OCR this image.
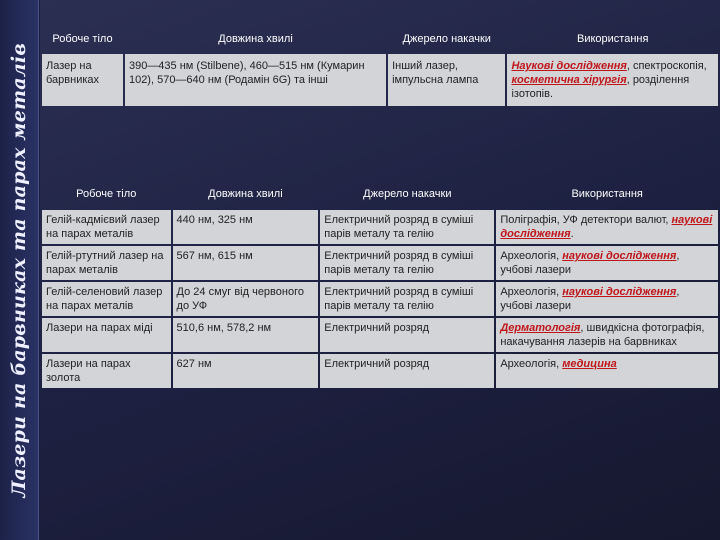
Лазери на барвниках та парах металів
Робоче тіло	Довжина хвилі	Джерело накачки	Використання
Лазер на барвниках	390—435 нм (Stilbene), 460—515 нм (Кумарин 102), 570—640 нм (Родамін 6G) та інші	Інший лазер, імпульсна лампа	Наукові дослідження, спектроскопія, косметична хірургія, розділення ізотопів.
Робоче тіло	Довжина хвилі	Джерело накачки	Використання
Гелій-кадмієвий лазер на парах металів	440 нм, 325 нм	Електричний розряд в суміші парів металу та гелію	Поліграфія, УФ детектори валют, наукові дослідження.
Гелій-ртутний лазер на парах металів	567 нм, 615 нм	Електричний розряд в суміші парів металу та гелію	Археологія, наукові дослідження, учбові лазери
Гелій-селеновий лазер на парах металів	До 24 смуг від червоного до УФ	Електричний розряд в суміші парів металу та гелію	Археологія, наукові дослідження, учбові лазери
Лазери на парах міді	510,6 нм, 578,2 нм	Електричний розряд	Дерматологія, швидкісна фотографія, накачування лазерів на барвниках
Лазери на парах золота	627 нм	Електричний розряд	Археологія, медицина
